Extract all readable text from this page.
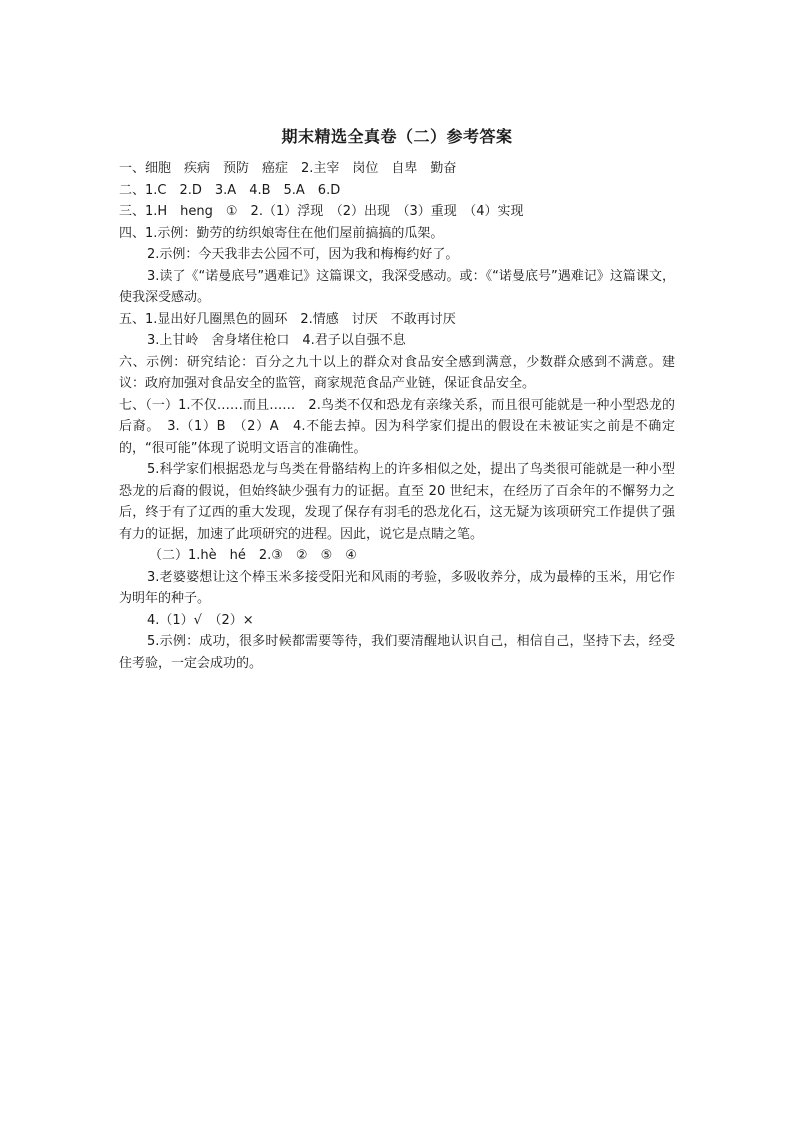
期末精选全真卷（二）参考答案
一、细胞　疾病　预防　癌症　2.主宰　岗位　自卑　勤奋
二、1.C　2.D　3.A　4.B　5.A　6.D
三、1.H　heng　①　2.（1）浮现　（2）出现　（3）重现　（4）实现
四、1.示例：勤劳的纺织娘寄住在他们屋前搞搞的瓜架。
2.示例：今天我非去公园不可，因为我和梅梅约好了。
3.读了《“诺曼底号”遇难记》这篇课文，我深受感动。或：《“诺曼底号”遇难记》这篇课文，使我深受感动。
五、1.显出好几圈黑色的圆环　2.情感　讨厌　不敢再讨厌
3.上甘岭　舍身堵住枪口　4.君子以自强不息
六、示例：研究结论：百分之九十以上的群众对食品安全感到满意，少数群众感到不满意。建议：政府加强对食品安全的监管，商家规范食品产业链，保证食品安全。
七、（一）1.不仅……而且……　2.鸟类不仅和恐龙有亲缘关系，而且很可能就是一种小型恐龙的后裔。　3.（1）B　（2）A　4.不能去掉。因为科学家们提出的假设在未被证实之前是不确定的，“很可能”体现了说明文语言的准确性。
5.科学家们根据恐龙与鸟类在骨骼结构上的许多相似之处，提出了鸟类很可能就是一种小型恐龙的后裔的假说，但始终缺少强有力的证据。直至 20 世纪末，在经历了百余年的不懈努力之后，终于有了辽西的重大发现，发现了保存有羽毛的恐龙化石，这无疑为该项研究工作提供了强有力的证据，加速了此项研究的进程。因此，说它是点睛之笔。
（二）1.hè　hé　2.③　②　⑤　④
3.老婆婆想让这个棒玉米多接受阳光和风雨的考验，多吸收养分，成为最棒的玉米，用它作为明年的种子。
4.（1）√　（2）×
5.示例：成功，很多时候都需要等待，我们要清醒地认识自己，相信自己，坚持下去，经受住考验，一定会成功的。
